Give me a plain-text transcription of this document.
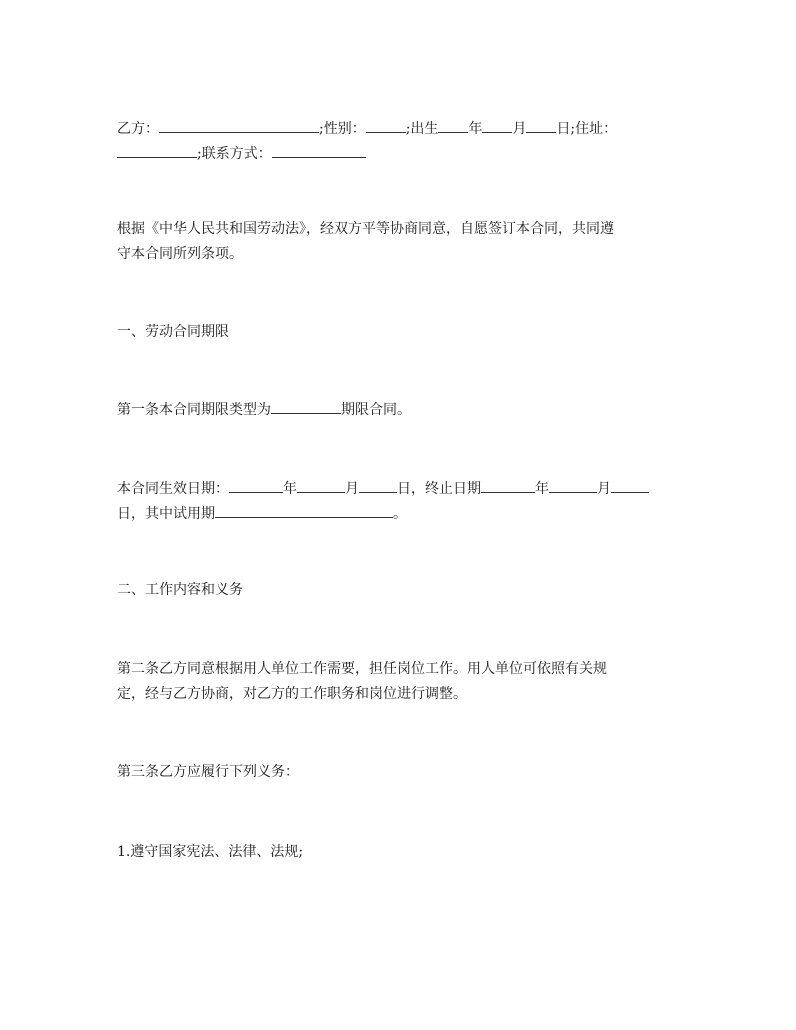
乙方：	;性别：	;出生 年 月 日;住址：
;联系方式：
根据《中华人民共和国劳动法》，经双方平等协商同意，自愿签订本合同，共同遵
守本合同所列条项。
一、劳动合同期限
第一条本合同期限类型为	期限合同。
本合同生效日期：	年	月	日，终止日期	年	月
日，其中试用期	。
二、工作内容和义务
第二条乙方同意根据用人单位工作需要，担任岗位工作。用人单位可依照有关规
定，经与乙方协商，对乙方的工作职务和岗位进行调整。
第三条乙方应履行下列义务：
1.遵守国家宪法、法律、法规;
